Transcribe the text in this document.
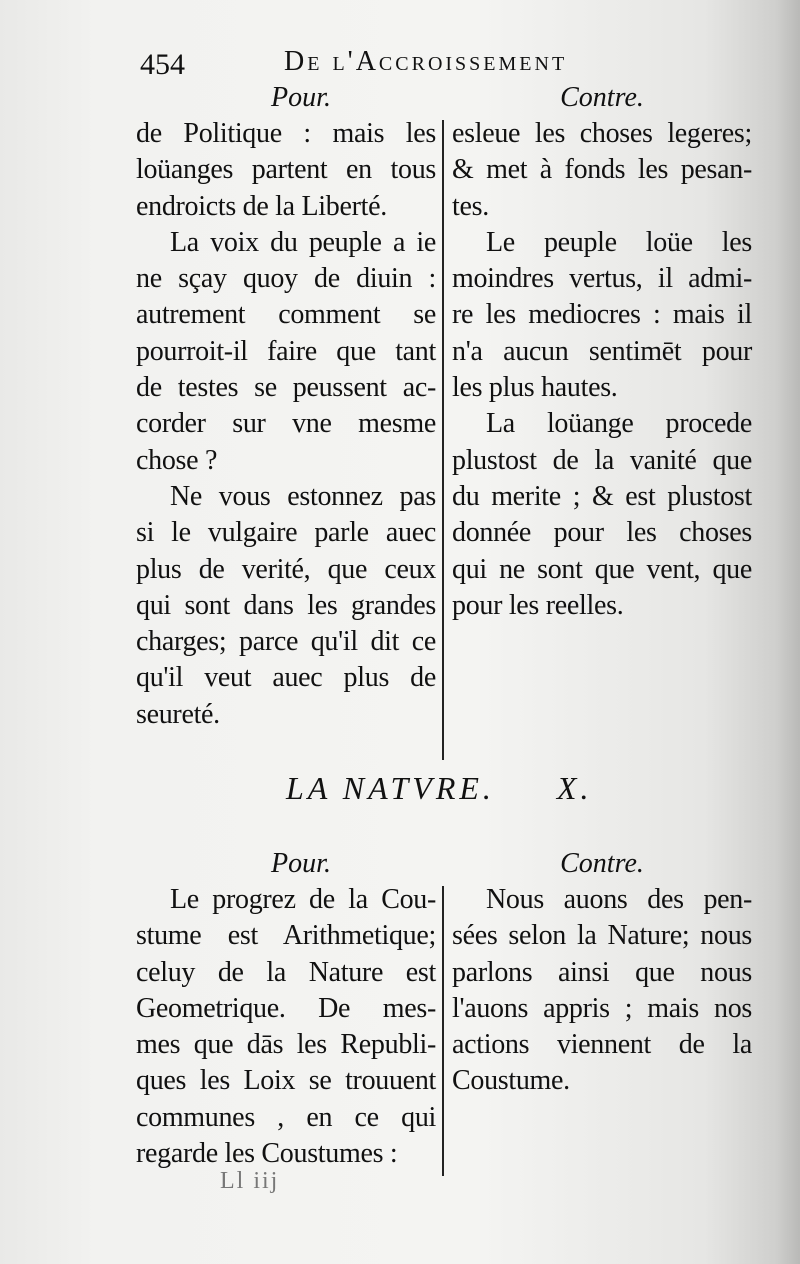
454	De l'Accroissement
Pour.

de Politique : mais les
loüanges partent en tous
endroicts de la Liberté.

La voix du peuple a ie
ne sçay quoy de diuin :
autrement comment se
pourroit-il faire que tant
de testes se peussent ac-
corder sur vne mesme
chose ?

Ne vous estonnez pas
si le vulgaire parle auec
plus de verité, que ceux
qui sont dans les grandes
charges; parce qu'il dit ce
qu'il veut auec plus de
seureté.

Contre.

esleue les choses legeres;
& met à fonds les pesan-
tes.

Le peuple loüe les
moindres vertus, il admi-
re les mediocres : mais il
n'a aucun sentimēt pour
les plus hautes.

La loüange procede
plustost de la vanité que
du merite ; & est plustost
donnée pour les choses
qui ne sont que vent, que
pour les reelles.

LA NATVRE. X.
Pour.

Le progrez de la Cou-
stume est Arithmetique;
celuy de la Nature est
Geometrique. De mes-
mes que dās les Republi-
ques les Loix se trouuent
communes , en ce qui
regarde les Coustumes :

Contre.

Nous auons des pen-
sées selon la Nature; nous
parlons ainsi que nous
l'auons appris ; mais nos
actions viennent de la
Coustume.

Ll iij
